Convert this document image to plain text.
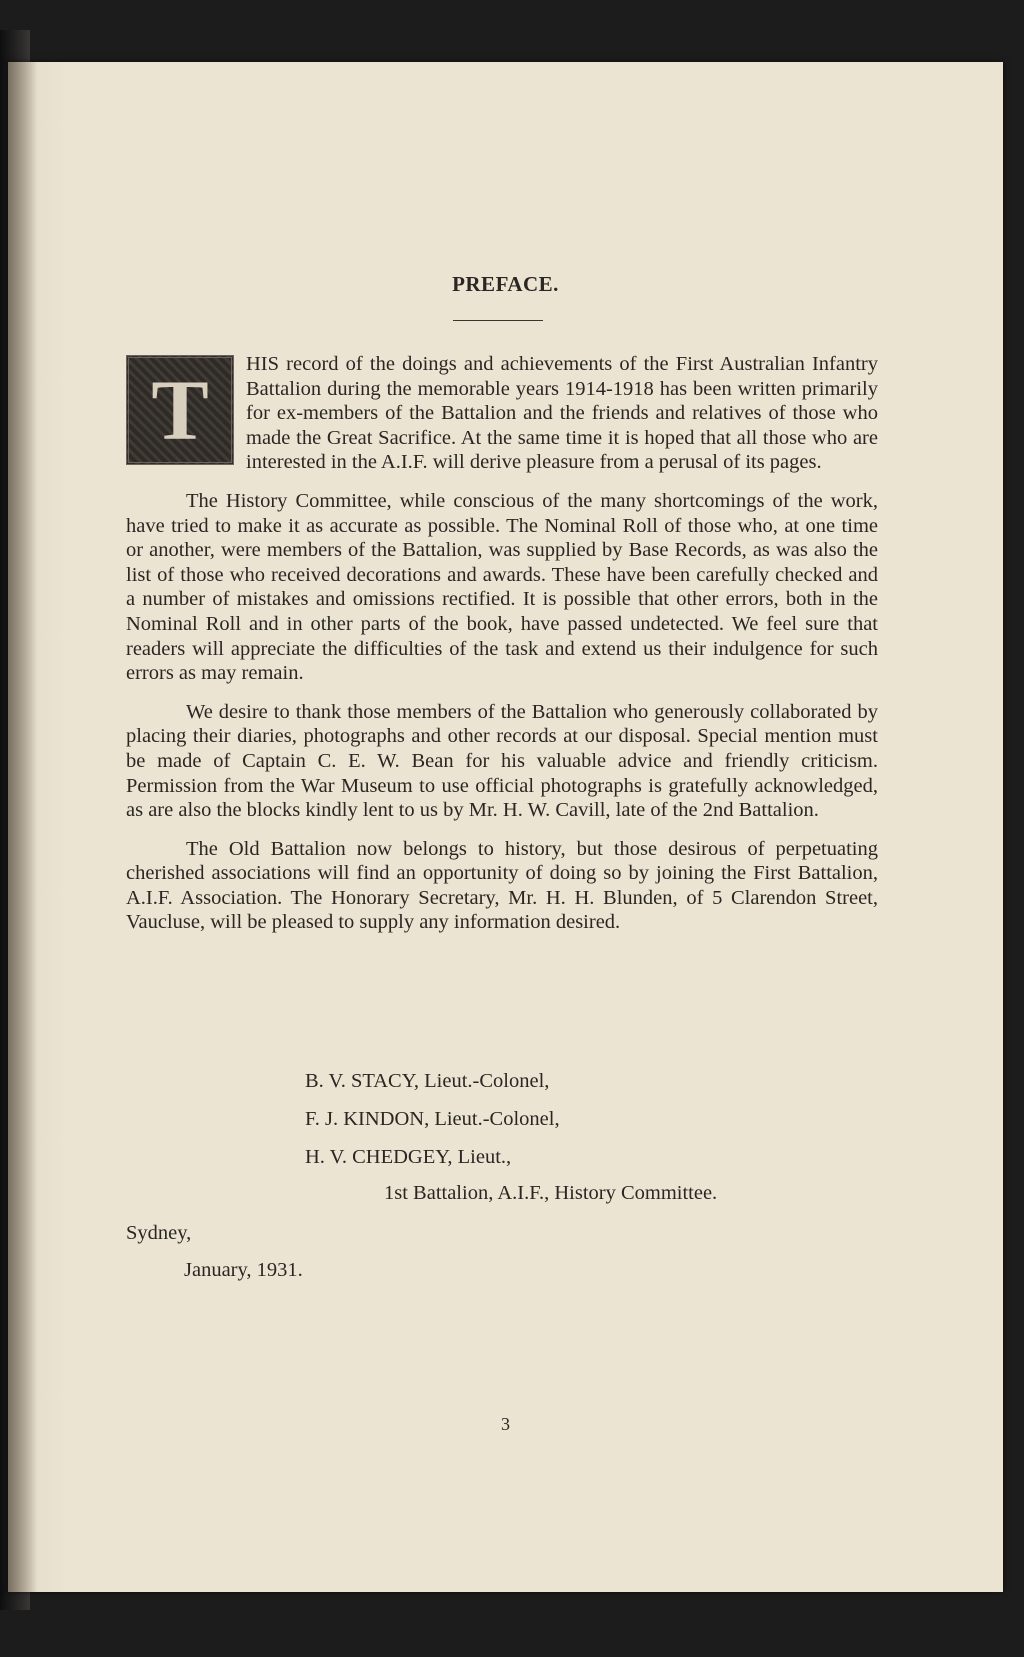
PREFACE.

T	HIS record of the doings and achievements of the First Australian Infantry Battalion during the memorable years 1914-1918 has been written primarily for ex-members of the Battalion and the friends and relatives of those who made the Great Sacrifice. At the same time it is hoped that all those who are interested in the A.I.F. will derive pleasure from a perusal of its pages.

The History Committee, while conscious of the many shortcomings of the work, have tried to make it as accurate as possible. The Nominal Roll of those who, at one time or another, were members of the Battalion, was supplied by Base Records, as was also the list of those who received decorations and awards. These have been carefully checked and a number of mistakes and omissions rectified. It is possible that other errors, both in the Nominal Roll and in other parts of the book, have passed undetected. We feel sure that readers will appreciate the difficulties of the task and extend us their indulgence for such errors as may remain.

We desire to thank those members of the Battalion who generously collaborated by placing their diaries, photographs and other records at our disposal. Special mention must be made of Captain C. E. W. Bean for his valuable advice and friendly criticism. Permission from the War Museum to use official photographs is gratefully acknowledged, as are also the blocks kindly lent to us by Mr. H. W. Cavill, late of the 2nd Battalion.

The Old Battalion now belongs to history, but those desirous of perpetuating cherished associations will find an opportunity of doing so by joining the First Battalion, A.I.F. Association. The Honorary Secretary, Mr. H. H. Blunden, of 5 Clarendon Street, Vaucluse, will be pleased to supply any information desired.

B. V. STACY, Lieut.-Colonel,
F. J. KINDON, Lieut.-Colonel,
H. V. CHEDGEY, Lieut.,
1st Battalion, A.I.F., History Committee.
Sydney,
January, 1931.
3
